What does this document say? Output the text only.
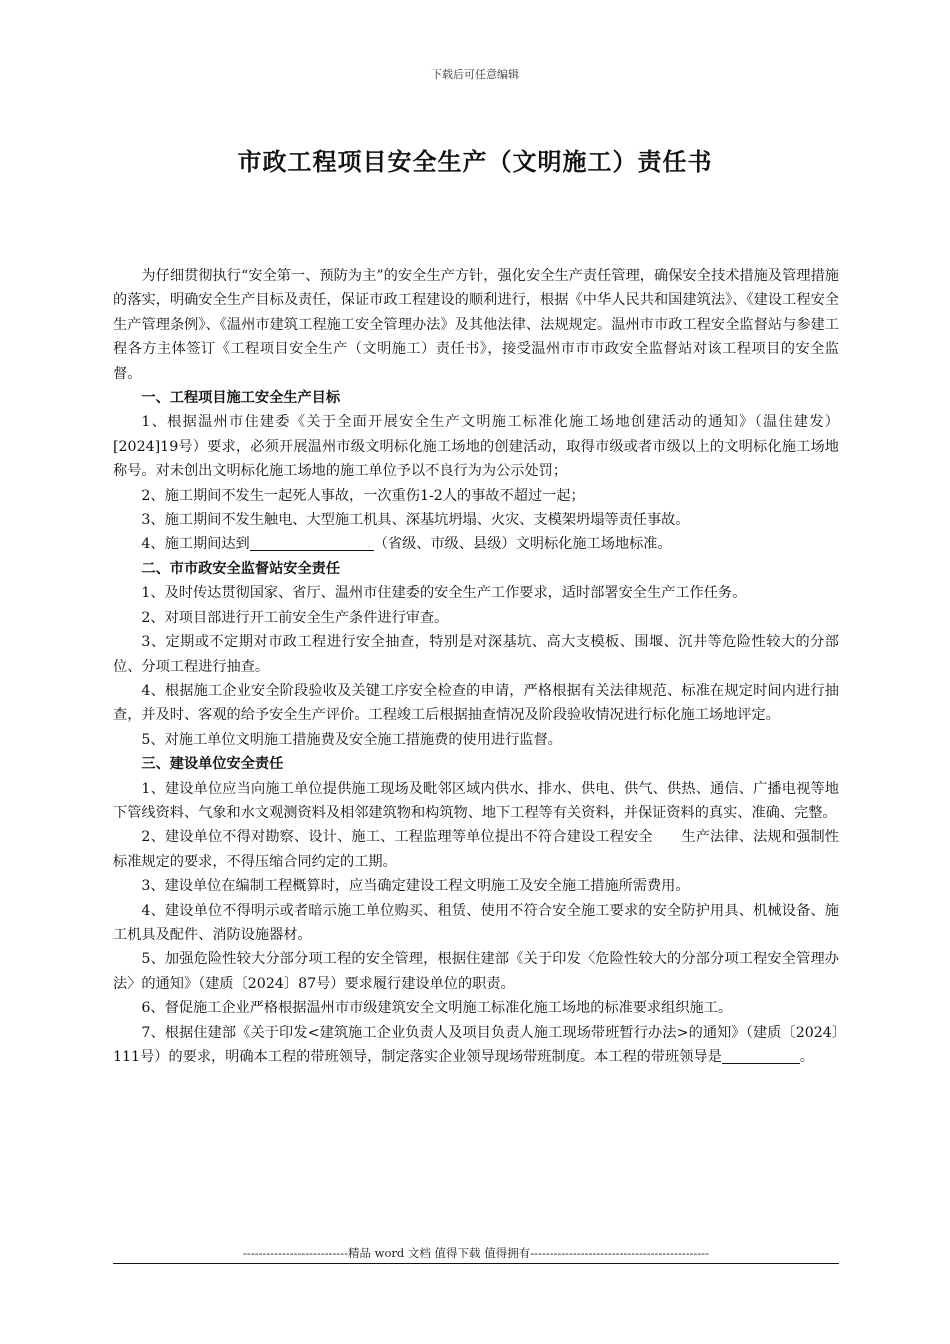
下载后可任意编辑
市政工程项目安全生产（文明施工）责任书

为仔细贯彻执行“安全第一、预防为主”的安全生产方针，强化安全生产责任管理，确保安全技术措施及管理措施的落实，明确安全生产目标及责任，保证市政工程建设的顺利进行，根据《中华人民共和国建筑法》、《建设工程安全生产管理条例》、《温州市建筑工程施工安全管理办法》及其他法律、法规规定。温州市市政工程安全监督站与参建工程各方主体签订《工程项目安全生产（文明施工）责任书》，接受温州市市市政安全监督站对该工程项目的安全监督。

一、工程项目施工安全生产目标

1、根据温州市住建委《关于全面开展安全生产文明施工标准化施工场地创建活动的通知》（温住建发）[2024]19号）要求，必须开展温州市级文明标化施工场地的创建活动，取得市级或者市级以上的文明标化施工场地称号。对未创出文明标化施工场地的施工单位予以不良行为为公示处罚；

2、施工期间不发生一起死人事故，一次重伤1-2人的事故不超过一起；

3、施工期间不发生触电、大型施工机具、深基坑坍塌、火灾、支模架坍塌等责任事故。

4、施工期间达到	（省级、市级、县级）文明标化施工场地标准。

二、市市政安全监督站安全责任

1、及时传达贯彻国家、省厅、温州市住建委的安全生产工作要求，适时部署安全生产工作任务。

2、对项目部进行开工前安全生产条件进行审查。

3、定期或不定期对市政工程进行安全抽查，特别是对深基坑、高大支模板、围堰、沉井等危险性较大的分部位、分项工程进行抽查。

4、根据施工企业安全阶段验收及关键工序安全检查的申请，严格根据有关法律规范、标准在规定时间内进行抽查，并及时、客观的给予安全生产评价。工程竣工后根据抽查情况及阶段验收情况进行标化施工场地评定。

5、对施工单位文明施工措施费及安全施工措施费的使用进行监督。

三、建设单位安全责任

1、建设单位应当向施工单位提供施工现场及毗邻区域内供水、排水、供电、供气、供热、通信、广播电视等地下管线资料、气象和水文观测资料及相邻建筑物和构筑物、地下工程等有关资料，并保证资料的真实、准确、完整。

2、建设单位不得对勘察、设计、施工、工程监理等单位提出不符合建设工程安全　　生产法律、法规和强制性标准规定的要求，不得压缩合同约定的工期。

3、建设单位在编制工程概算时，应当确定建设工程文明施工及安全施工措施所需费用。

4、建设单位不得明示或者暗示施工单位购买、租赁、使用不符合安全施工要求的安全防护用具、机械设备、施工机具及配件、消防设施器材。

5、加强危险性较大分部分项工程的安全管理，根据住建部《关于印发〈危险性较大的分部分项工程安全管理办法〉的通知》（建质〔2024〕87号）要求履行建设单位的职责。

6、督促施工企业严格根据温州市市级建筑安全文明施工标准化施工场地的标准要求组织施工。

7、根据住建部《关于印发<建筑施工企业负责人及项目负责人施工现场带班暂行办法>的通知》（建质〔2024〕111号）的要求，明确本工程的带班领导，制定落实企业领导现场带班制度。本工程的带班领导是	。

---------------------------精品 word 文档 值得下载 值得拥有----------------------------------------------
